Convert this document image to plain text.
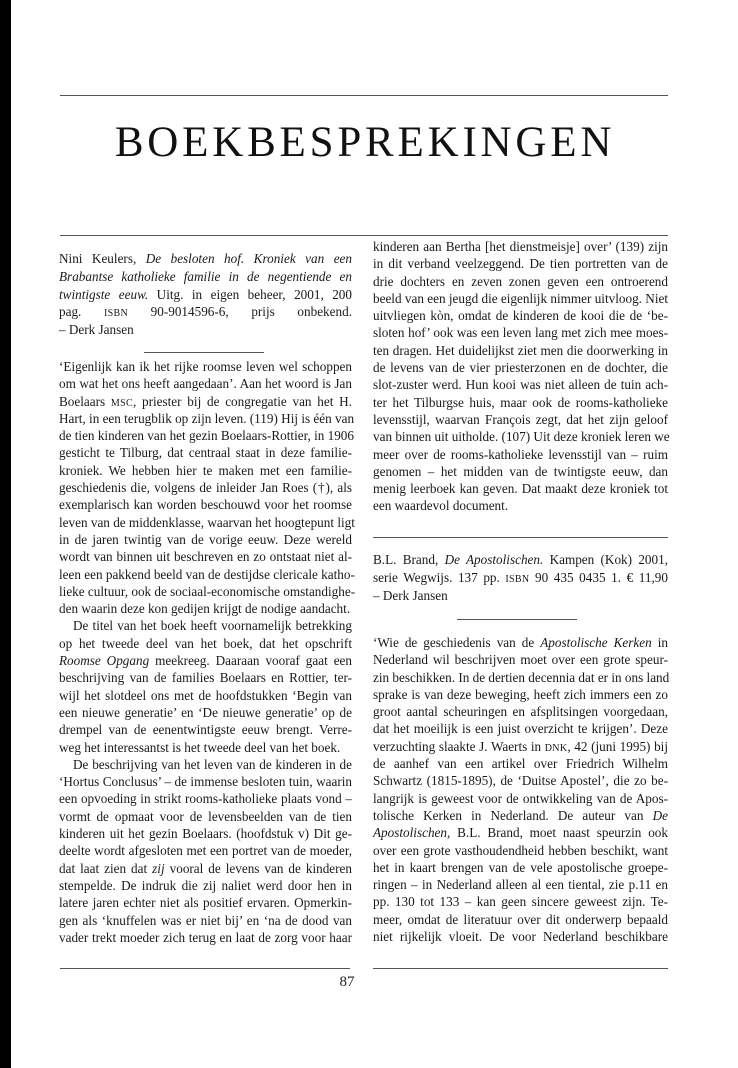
BOEKBESPREKINGEN
Nini Keulers, De besloten hof. Kroniek van een
Brabantse katholieke familie in de negentiende en
twintigste eeuw. Uitg. in eigen beheer, 2001, 200
pag. ISBN 90-9014596-6, prijs onbekend.
– Derk Jansen
‘Eigenlijk kan ik het rijke roomse leven wel schoppen
om wat het ons heeft aangedaan’. Aan het woord is Jan
Boelaars MSC, priester bij de congregatie van het H.
Hart, in een terugblik op zijn leven. (119) Hij is één van
de tien kinderen van het gezin Boelaars-Rottier, in 1906
gesticht te Tilburg, dat centraal staat in deze familie-
kroniek. We hebben hier te maken met een familie-
geschiedenis die, volgens de inleider Jan Roes (†), als
exemplarisch kan worden beschouwd voor het roomse
leven van de middenklasse, waarvan het hoogtepunt ligt
in de jaren twintig van de vorige eeuw. Deze wereld
wordt van binnen uit beschreven en zo ontstaat niet al-
leen een pakkend beeld van de destijdse clericale katho-
lieke cultuur, ook de sociaal-economische omstandighe-
den waarin deze kon gedijen krijgt de nodige aandacht.
De titel van het boek heeft voornamelijk betrekking
op het tweede deel van het boek, dat het opschrift
Roomse Opgang meekreeg. Daaraan vooraf gaat een
beschrijving van de families Boelaars en Rottier, ter-
wijl het slotdeel ons met de hoofdstukken ‘Begin van
een nieuwe generatie’ en ‘De nieuwe generatie’ op de
drempel van de eenentwintigste eeuw brengt. Verre-
weg het interessantst is het tweede deel van het boek.
De beschrijving van het leven van de kinderen in de
‘Hortus Conclusus’ – de immense besloten tuin, waarin
een opvoeding in strikt rooms-katholieke plaats vond –
vormt de opmaat voor de levensbeelden van de tien
kinderen uit het gezin Boelaars. (hoofdstuk v) Dit ge-
deelte wordt afgesloten met een portret van de moeder,
dat laat zien dat zij vooral de levens van de kinderen
stempelde. De indruk die zij naliet werd door hen in
latere jaren echter niet als positief ervaren. Opmerkin-
gen als ‘knuffelen was er niet bij’ en ‘na de dood van
vader trekt moeder zich terug en laat de zorg voor haar
kinderen aan Bertha [het dienstmeisje] over’ (139) zijn
in dit verband veelzeggend. De tien portretten van de
drie dochters en zeven zonen geven een ontroerend
beeld van een jeugd die eigenlijk nimmer uitvloog. Niet
uitvliegen kòn, omdat de kinderen de kooi die de ‘be-
sloten hof’ ook was een leven lang met zich mee moes-
ten dragen. Het duidelijkst ziet men die doorwerking in
de levens van de vier priesterzonen en de dochter, die
slot-zuster werd. Hun kooi was niet alleen de tuin ach-
ter het Tilburgse huis, maar ook de rooms-katholieke
levensstijl, waarvan François zegt, dat het zijn geloof
van binnen uit uitholde. (107) Uit deze kroniek leren we
meer over de rooms-katholieke levensstijl van – ruim
genomen – het midden van de twintigste eeuw, dan
menig leerboek kan geven. Dat maakt deze kroniek tot
een waardevol document.
B.L. Brand, De Apostolischen. Kampen (Kok) 2001,
serie Wegwijs. 137 pp. ISBN 90 435 0435 1. € 11,90
– Derk Jansen
‘Wie de geschiedenis van de Apostolische Kerken in
Nederland wil beschrijven moet over een grote speur-
zin beschikken. In de dertien decennia dat er in ons land
sprake is van deze beweging, heeft zich immers een zo
groot aantal scheuringen en afsplitsingen voorgedaan,
dat het moeilijk is een juist overzicht te krijgen’. Deze
verzuchting slaakte J. Waerts in DNK, 42 (juni 1995) bij
de aanhef van een artikel over Friedrich Wilhelm
Schwartz (1815-1895), de ‘Duitse Apostel’, die zo be-
langrijk is geweest voor de ontwikkeling van de Apos-
tolische Kerken in Nederland. De auteur van De
Apostolischen, B.L. Brand, moet naast speurzin ook
over een grote vasthoudendheid hebben beschikt, want
het in kaart brengen van de vele apostolische groepe-
ringen – in Nederland alleen al een tiental, zie p.11 en
pp. 130 tot 133 – kan geen sincere geweest zijn. Te-
meer, omdat de literatuur over dit onderwerp bepaald
niet rijkelijk vloeit. De voor Nederland beschikbare
87
